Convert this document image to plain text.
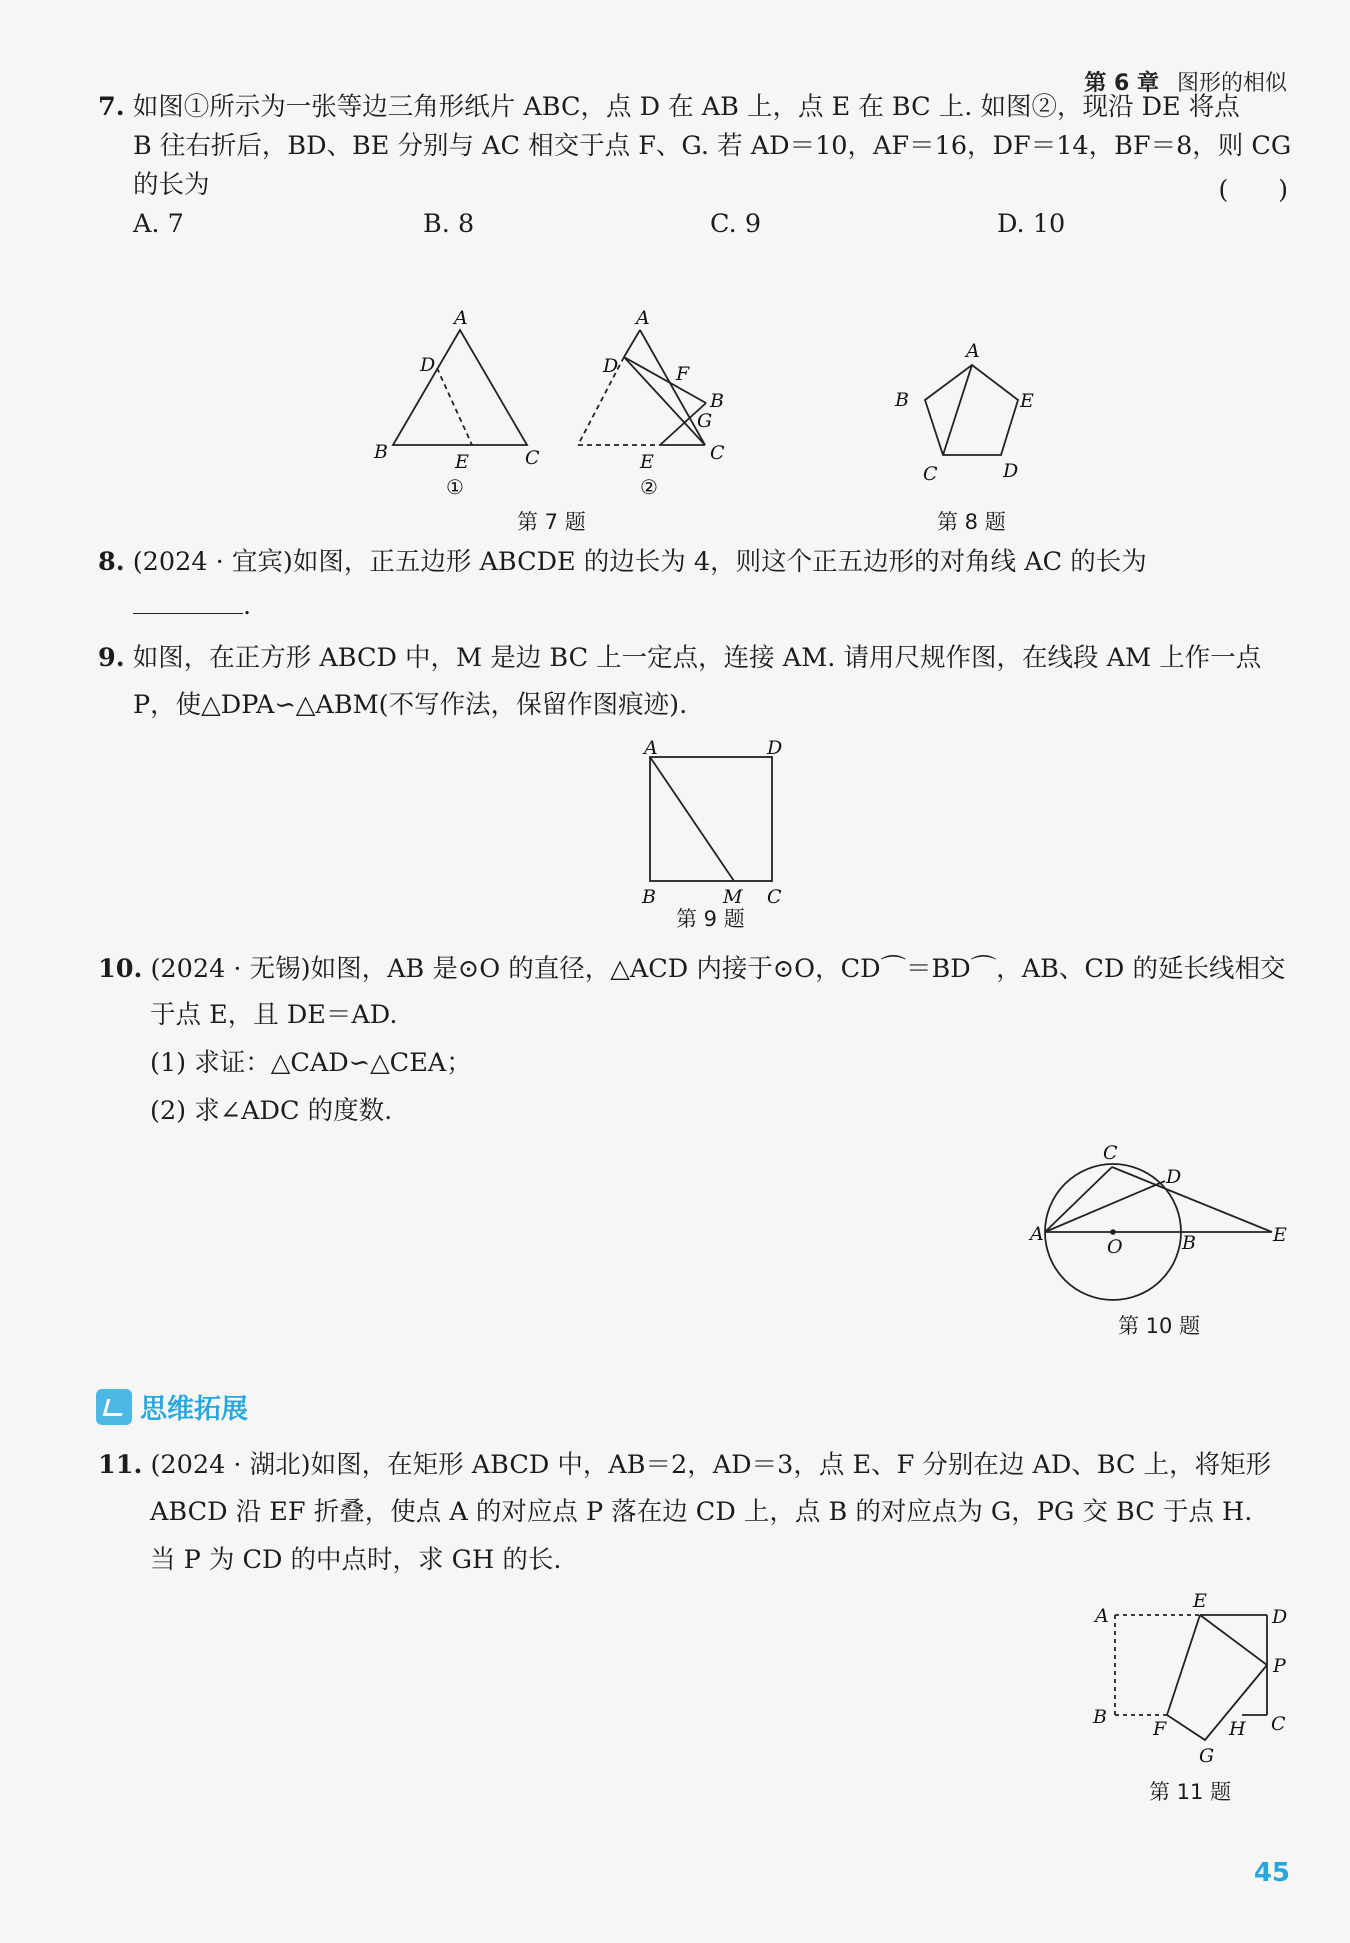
第 6 章 图形的相似
7. 如图①所示为一张等边三角形纸片 ABC，点 D 在 AB 上，点 E 在 BC 上. 如图②，现沿 DE 将点
B 往右折后，BD、BE 分别与 AC 相交于点 F、G. 若 AD＝10，AF＝16，DF＝14，BF＝8，则 CG
的长为	(　　)
A. 7	B. 8	C. 9	D. 10
A
D
B	C
E
①
A
D	F
B
G
C
E
②
A
E
B
C	D
第 7 题	第 8 题
8. (2024 · 宜宾)如图，正五边形 ABCDE 的边长为 4，则这个正五边形的对角线 AC 的长为
.
9. 如图，在正方形 ABCD 中，M 是边 BC 上一定点，连接 AM. 请用尺规作图，在线段 AM 上作一点
P，使△DPA∽△ABM(不写作法，保留作图痕迹).
A	D
B	M C
第 9 题
10. (2024 · 无锡)如图，AB 是⊙O 的直径，△ACD 内接于⊙O，CD⌒＝BD⌒，AB、CD 的延长线相交
于点 E，且 DE＝AD.
(1) 求证：△CAD∽△CEA；
(2) 求∠ADC 的度数.
C
D
A
O	B	E
第 10 题
思维拓展
11. (2024 · 湖北)如图，在矩形 ABCD 中，AB＝2，AD＝3，点 E、F 分别在边 AD、BC 上，将矩形
ABCD 沿 EF 折叠，使点 A 的对应点 P 落在边 CD 上，点 B 的对应点为 G，PG 交 BC 于点 H.
当 P 为 CD 的中点时，求 GH 的长.
A
E
D
P
B
F	H C
G
第 11 题
45
